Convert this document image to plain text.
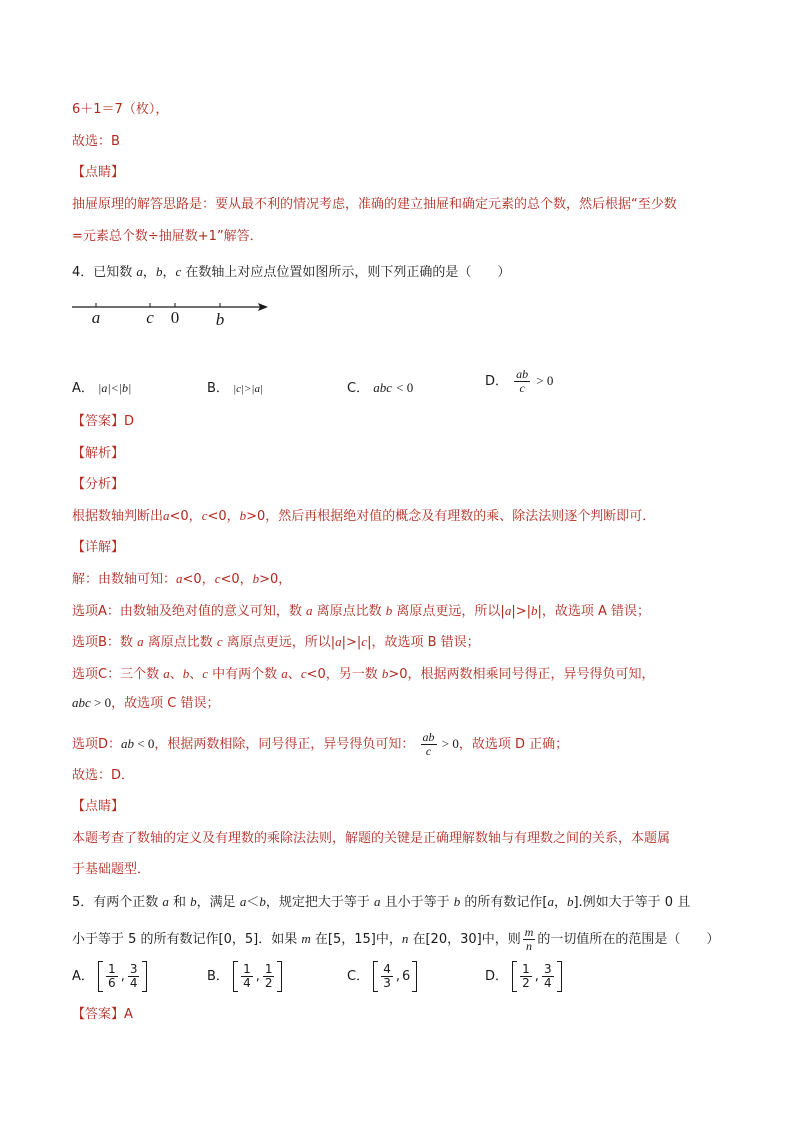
6＋1＝7（枚），
故选：B
【点睛】
抽屉原理的解答思路是：要从最不利的情况考虑，准确的建立抽屉和确定元素的总个数，然后根据“至少数
=元素总个数÷抽屉数+1”解答．
4．已知数 a，b，c 在数轴上对应点位置如图所示，则下列正确的是（　　）
a	c 0 b
A． |a|<|b|	B． |c|>|a|	C． abc < 0	D． $\frac{ab}{c} > 0$
【答案】D
【解析】
【分析】
根据数轴判断出a<0，c<0，b>0，然后再根据绝对值的概念及有理数的乘、除法法则逐个判断即可．
【详解】
解：由数轴可知：a<0，c<0，b>0，
选项A：由数轴及绝对值的意义可知，数 a 离原点比数 b 离原点更远，所以|a|>|b|，故选项 A 错误；
选项B：数 a 离原点比数 c 离原点更远，所以|a|>|c|，故选项 B 错误；
选项C：三个数 a、b、c 中有两个数 a、c<0，另一数 b>0，根据两数相乘同号得正，异号得负可知，
abc > 0，故选项 C 错误；
选项D：ab < 0，根据两数相除，同号得正，异号得负可知： $\frac{ab}{c} > 0$，故选项 D 正确；
故选：D．
【点睛】
本题考查了数轴的定义及有理数的乘除法法则，解题的关键是正确理解数轴与有理数之间的关系，本题属
于基础题型．
5．有两个正数 a 和 b，满足 a＜b，规定把大于等于 a 且小于等于 b 的所有数记作[a，b].例如大于等于 0 且
小于等于 5 的所有数记作[0，5]．如果 m 在[5，15]中，n 在[20，30]中，则 $\frac{m}{n}$ 的一切值所在的范围是（　　）
A． $\frac{1}{6}$ , $\frac{3}{4}$	B． $\frac{1}{4}$ , $\frac{1}{2}$	C． $\frac{4}{3}$ , 6	D． $\frac{1}{2}$ , $\frac{3}{4}$
【答案】A
